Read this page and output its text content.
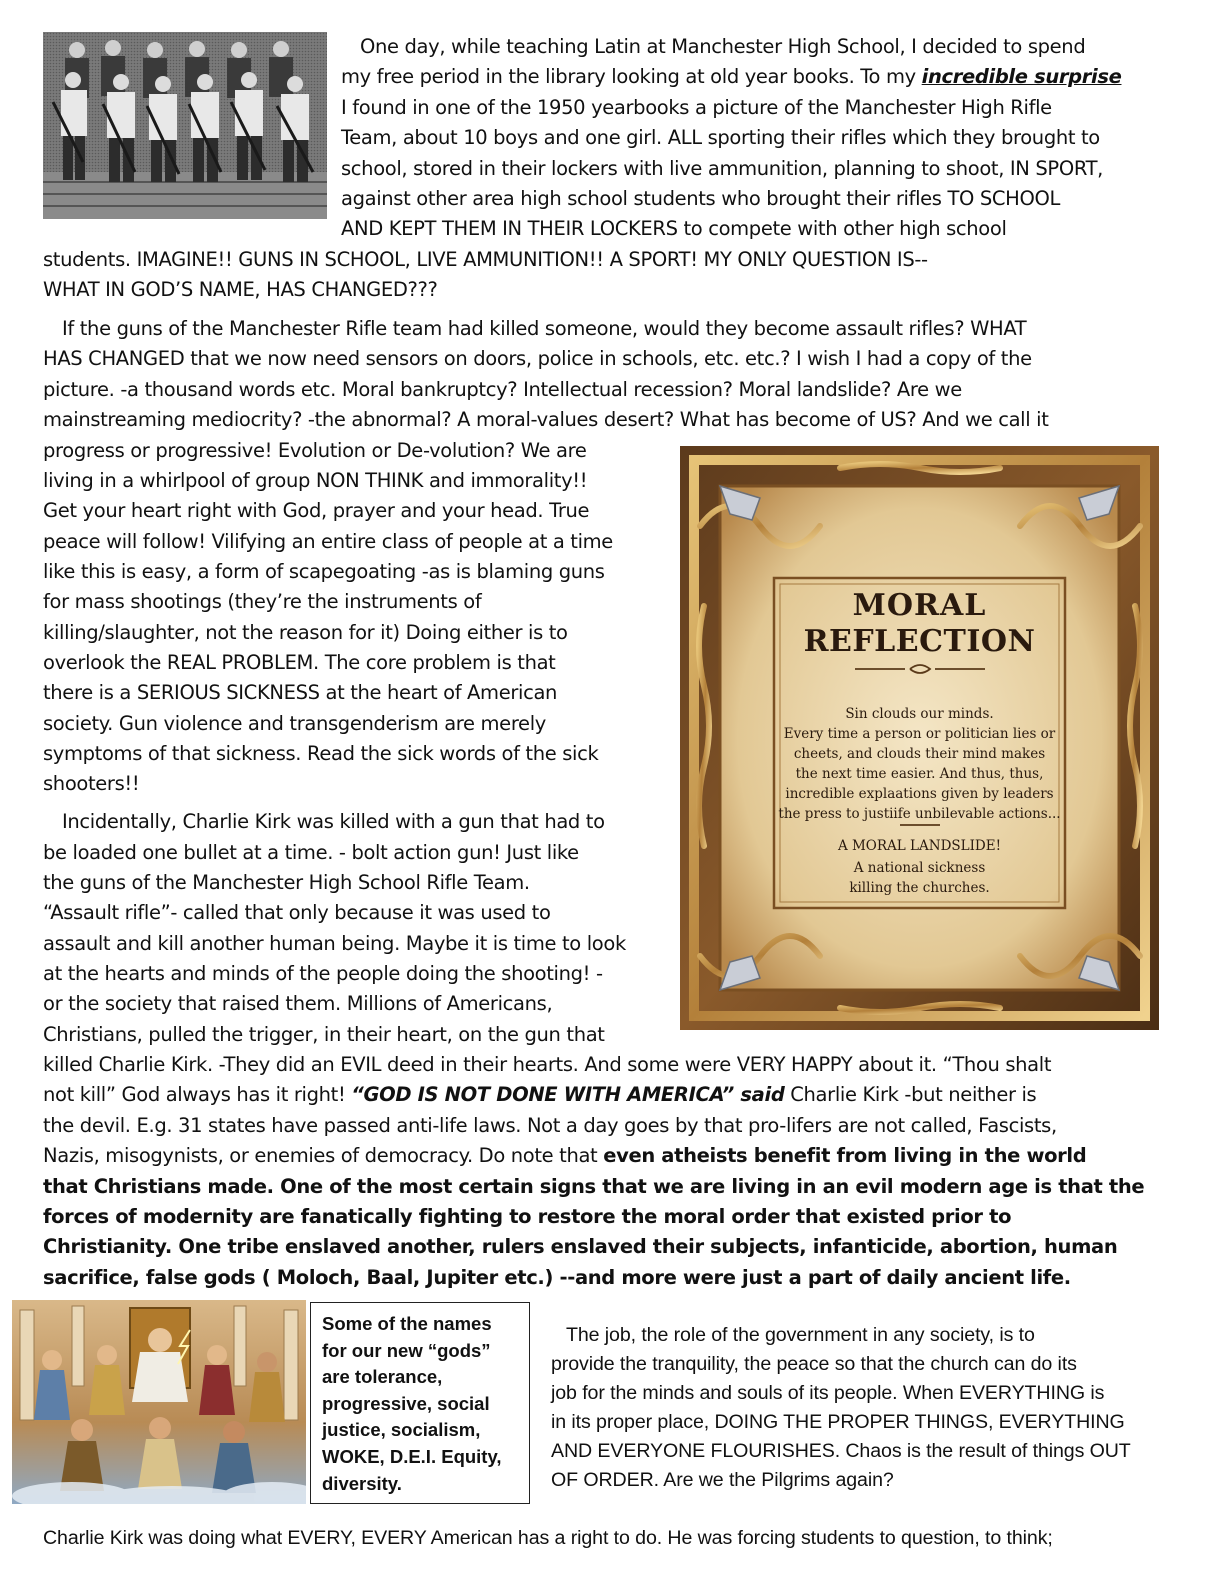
One day, while teaching Latin at Manchester High School, I decided to spend
my free period in the library looking at old year books. To my incredible surprise
I found in one of the 1950 yearbooks a picture of the Manchester High Rifle
Team, about 10 boys and one girl. ALL sporting their rifles which they brought to
school, stored in their lockers with live ammunition, planning to shoot, IN SPORT,
against other area high school students who brought their rifles TO SCHOOL
AND KEPT THEM IN THEIR LOCKERS to compete with other high school
students. IMAGINE!! GUNS IN SCHOOL, LIVE AMMUNITION!! A SPORT! MY ONLY QUESTION IS--
WHAT IN GOD’S NAME, HAS CHANGED???
If the guns of the Manchester Rifle team had killed someone, would they become assault rifles? WHAT
HAS CHANGED that we now need sensors on doors, police in schools, etc. etc.? I wish I had a copy of the
picture. -a thousand words etc. Moral bankruptcy? Intellectual recession? Moral landslide? Are we
mainstreaming mediocrity? -the abnormal? A moral-values desert? What has become of US? And we call it
progress or progressive! Evolution or De-volution? We are
living in a whirlpool of group NON THINK and immorality!!
Get your heart right with God, prayer and your head. True
peace will follow! Vilifying an entire class of people at a time
like this is easy, a form of scapegoating -as is blaming guns
for mass shootings (they’re the instruments of
killing/slaughter, not the reason for it) Doing either is to
overlook the REAL PROBLEM. The core problem is that
there is a SERIOUS SICKNESS at the heart of American
society. Gun violence and transgenderism are merely
symptoms of that sickness. Read the sick words of the sick
shooters!!
MORAL
REFLECTION
Sin clouds our minds.
Every time a person or politician lies or
cheets, and clouds their mind makes
the next time easier. And thus, thus,
incredible explaations given by leaders
the press to justiife unbilevable actions...
A MORAL LANDSLIDE!
A national sickness
killing the churches.
Incidentally, Charlie Kirk was killed with a gun that had to
be loaded one bullet at a time. - bolt action gun! Just like
the guns of the Manchester High School Rifle Team.
“Assault rifle”- called that only because it was used to
assault and kill another human being. Maybe it is time to look
at the hearts and minds of the people doing the shooting! -
or the society that raised them. Millions of Americans,
Christians, pulled the trigger, in their heart, on the gun that
killed Charlie Kirk. -They did an EVIL deed in their hearts. And some were VERY HAPPY about it. “Thou shalt
not kill” God always has it right! “GOD IS NOT DONE WITH AMERICA” said Charlie Kirk -but neither is
the devil. E.g. 31 states have passed anti-life laws. Not a day goes by that pro-lifers are not called, Fascists,
Nazis, misogynists, or enemies of democracy. Do note that even atheists benefit from living in the world
that Christians made. One of the most certain signs that we are living in an evil modern age is that the
forces of modernity are fanatically fighting to restore the moral order that existed prior to
Christianity. One tribe enslaved another, rulers enslaved their subjects, infanticide, abortion, human
sacrifice, false gods ( Moloch, Baal, Jupiter etc.) --and more were just a part of daily ancient life.

Some of the names for our new “gods” are tolerance, progressive, social justice, socialism, WOKE, D.E.I. Equity, diversity.

The job, the role of the government in any society, is to
provide the tranquility, the peace so that the church can do its
job for the minds and souls of its people. When EVERYTHING is
in its proper place, DOING THE PROPER THINGS, EVERYTHING
AND EVERYONE FLOURISHES. Chaos is the result of things OUT
OF ORDER. Are we the Pilgrims again?
Charlie Kirk was doing what EVERY, EVERY American has a right to do. He was forcing students to question, to think;
